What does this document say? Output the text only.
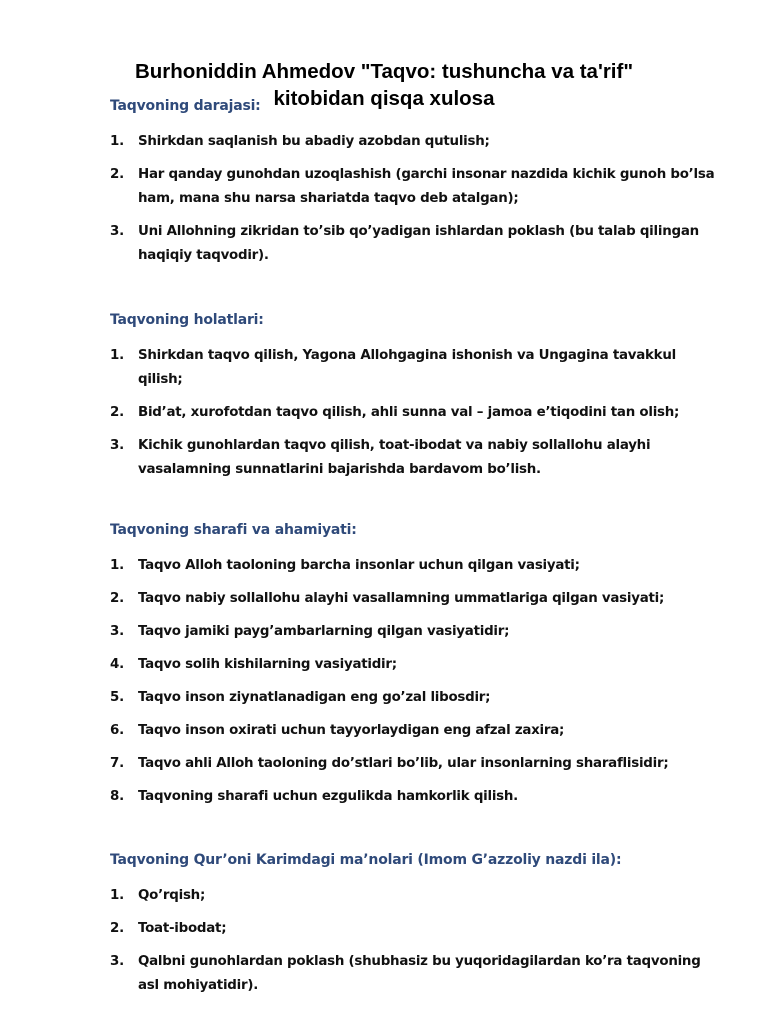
Burhoniddin Ahmedov "Taqvo: tushuncha va ta'rif"
kitobidan qisqa xulosa
Taqvoning darajasi:
1. Shirkdan saqlanish bu abadiy azobdan qutulish;
2. Har qanday gunohdan uzoqlashish (garchi insonar nazdida kichik gunoh bo’lsa ham, mana shu narsa shariatda taqvo deb atalgan);
3. Uni Allohning zikridan to’sib qo’yadigan ishlardan poklash (bu talab qilingan haqiqiy taqvodir).
Taqvoning holatlari:
1. Shirkdan taqvo qilish, Yagona Allohgagina ishonish va Ungagina tavakkul qilish;
2. Bid’at, xurofotdan taqvo qilish, ahli sunna val – jamoa e’tiqodini tan olish;
3. Kichik gunohlardan taqvo qilish, toat-ibodat va nabiy sollallohu alayhi vasalamning sunnatlarini bajarishda bardavom bo’lish.
Taqvoning sharafi va ahamiyati:
1. Taqvo Alloh taoloning barcha insonlar uchun qilgan vasiyati;
2. Taqvo nabiy sollallohu alayhi vasallamning ummatlariga qilgan vasiyati;
3. Taqvo jamiki payg’ambarlarning qilgan vasiyatidir;
4. Taqvo solih kishilarning vasiyatidir;
5. Taqvo inson ziynatlanadigan eng go’zal libosdir;
6. Taqvo inson oxirati uchun tayyorlaydigan eng afzal zaxira;
7. Taqvo ahli Alloh taoloning do’stlari bo’lib, ular insonlarning sharaflisidir;
8. Taqvoning sharafi uchun ezgulikda hamkorlik qilish.
Taqvoning Qur’oni Karimdagi ma’nolari (Imom G’azzoliy nazdi ila):
1. Qo’rqish;
2. Toat-ibodat;
3. Qalbni gunohlardan poklash (shubhasiz bu yuqoridagilardan ko’ra taqvoning asl mohiyatidir).
